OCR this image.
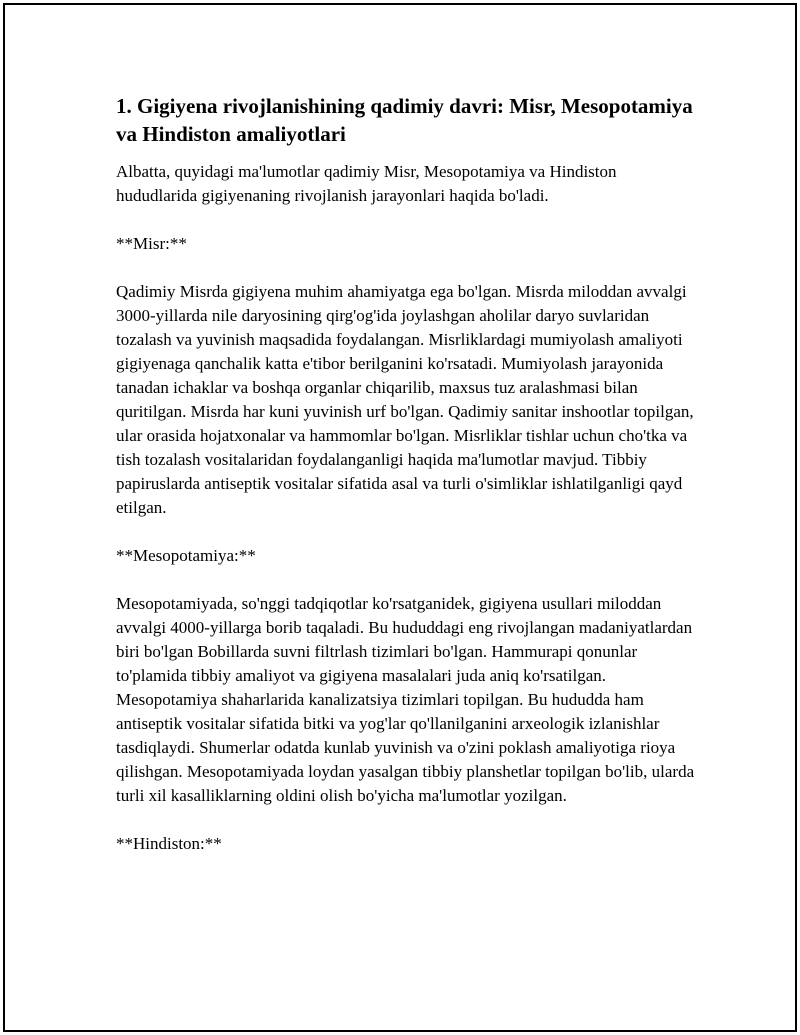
1. Gigiyena rivojlanishining qadimiy davri: Misr, Mesopotamiya va Hindiston amaliyotlari

Albatta, quyidagi ma'lumotlar qadimiy Misr, Mesopotamiya va Hindiston hududlarida gigiyenaning rivojlanish jarayonlari haqida bo'ladi.

**Misr:**

Qadimiy Misrda gigiyena muhim ahamiyatga ega bo'lgan. Misrda miloddan avvalgi 3000-yillarda nile daryosining qirg'og'ida joylashgan aholilar daryo suvlaridan tozalash va yuvinish maqsadida foydalangan. Misrliklardagi mumiyolash amaliyoti gigiyenaga qanchalik katta e'tibor berilganini ko'rsatadi. Mumiyolash jarayonida tanadan ichaklar va boshqa organlar chiqarilib, maxsus tuz aralashmasi bilan quritilgan. Misrda har kuni yuvinish urf bo'lgan. Qadimiy sanitar inshootlar topilgan, ular orasida hojatxonalar va hammomlar bo'lgan. Misrliklar tishlar uchun cho'tka va tish tozalash vositalaridan foydalanganligi haqida ma'lumotlar mavjud. Tibbiy papiruslarda antiseptik vositalar sifatida asal va turli o'simliklar ishlatilganligi qayd etilgan.

**Mesopotamiya:**

Mesopotamiyada, so'nggi tadqiqotlar ko'rsatganidek, gigiyena usullari miloddan avvalgi 4000-yillarga borib taqaladi. Bu hududdagi eng rivojlangan madaniyatlardan biri bo'lgan Bobillarda suvni filtrlash tizimlari bo'lgan. Hammurapi qonunlar to'plamida tibbiy amaliyot va gigiyena masalalari juda aniq ko'rsatilgan. Mesopotamiya shaharlarida kanalizatsiya tizimlari topilgan. Bu hududda ham antiseptik vositalar sifatida bitki va yog'lar qo'llanilganini arxeologik izlanishlar tasdiqlaydi. Shumerlar odatda kunlab yuvinish va o'zini poklash amaliyotiga rioya qilishgan. Mesopotamiyada loydan yasalgan tibbiy planshetlar topilgan bo'lib, ularda turli xil kasalliklarning oldini olish bo'yicha ma'lumotlar yozilgan.

**Hindiston:**
